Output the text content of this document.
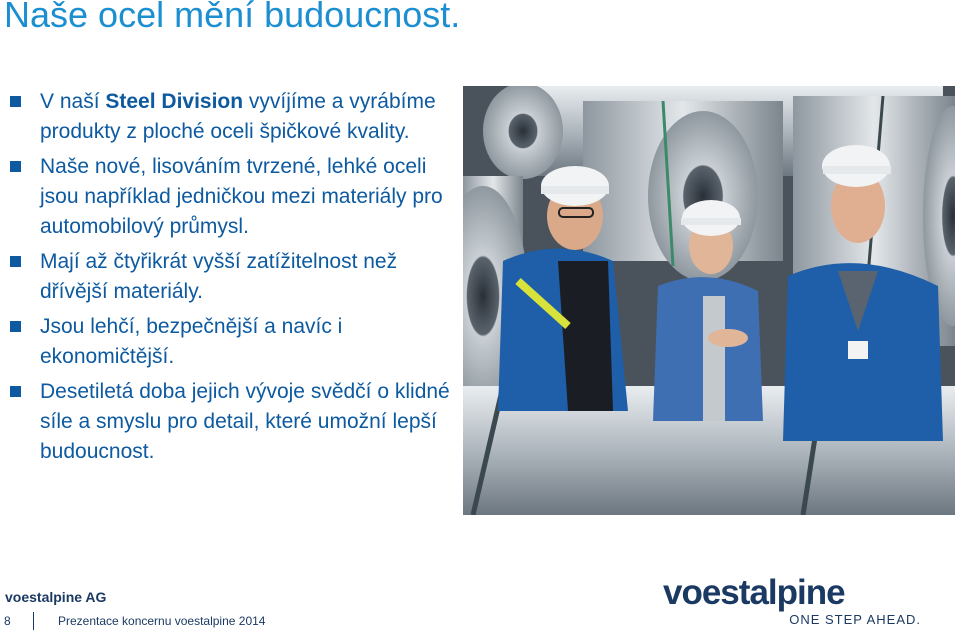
Naše ocel mění budoucnost.
V naší Steel Division vyvíjíme a vyrábíme produkty z ploché oceli špičkové kvality.
Naše nové, lisováním tvrzené, lehké oceli jsou například jedničkou mezi materiály pro automobilový průmysl.
Mají až čtyřikrát vyšší zatížitelnost než dřívější materiály.
Jsou lehčí, bezpečnější a navíc i ekonomičtější.
Desetiletá doba jejich vývoje svědčí o klidné síle a smyslu pro detail, které umožní lepší budoucnost.
voestalpine AG
8	Prezentace koncernu voestalpine 2014
voestalpine
ONE STEP AHEAD.
